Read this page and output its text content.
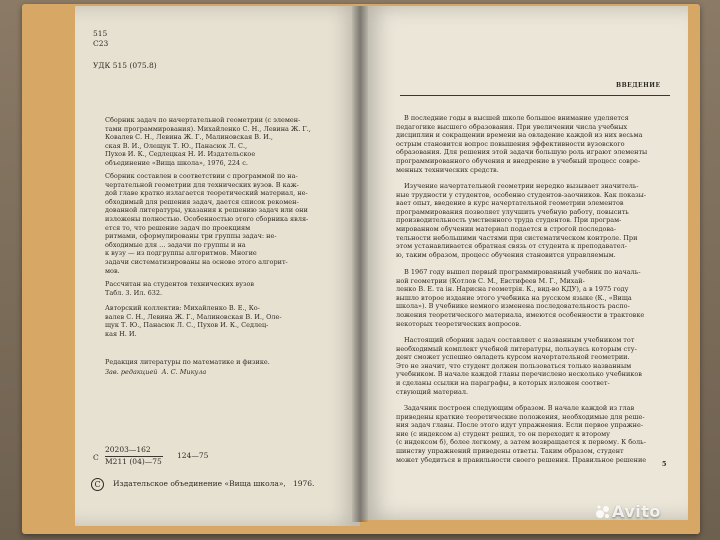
515
С23
УДК 515 (075.8)
Сборник задач по начертательной геометрии (с элемен-
тами программирования). Михайленко С. Н., Левина Ж. Г.,
Ковалев С. Н., Левина Ж. Г., Малиновская В. И.,
ская В. И., Олещук Т. Ю., Панасюк Л. С.,
Пухов И. К., Седлецкая Н. И. Издательское
объединение «Вища школа», 1976, 224 с.
Сборник составлен в соответствии с программой по на-
чертательной геометрии для технических вузов. В каж-
дой главе кратко излагается теоретический материал, не-
обходимый для решения задач, дается список рекомен-
дованной литературы, указания к решению задач или они
изложены полностью. Особенностью этого сборника явля-
ется то, что решение задач по проекциям
ритмами, сформулированы три группы задач: не-
обходимые для ... задачи по группы и на
к вузу — из подгруппы алгоритмов. Многие
задачи систематизированы на основе этого алгорит-
мов.
Рассчитан на студентов технических вузов
Табл. 3. Ил. 632.
Авторский коллектив: Михайленко В. Е., Ко-
валев С. Н., Левина Ж. Г., Малиновская В. И., Оле-
щук Т. Ю., Панасюк Л. С., Пухов И. К., Седлец-
кая Н. И.
Редакция литературы по математике и физике.
Зав. редакцией  А. С. Микула
С
20203—162
М211 (04)—75
124—75
C	Издательское объединение «Вища школа»,   1976.
ВВЕДЕНИЕ
В последние годы в высшей школе большое внимание уделяется
педагогике высшего образования. При увеличении числа учебных
дисциплин и сокращении времени на овладение каждой из них весьма
острым становится вопрос повышения эффективности вузовского
образования. Для решения этой задачи большую роль играют элементы
программированного обучения и внедрение в учебный процесс совре-
менных технических средств.
Изучение начертательной геометрии нередко вызывает значитель-
ные трудности у студентов, особенно студентов-заочников. Как показы-
вает опыт, введение в курс начертательной геометрии элементов
программирования позволяет улучшить учебную работу, повысить
производительность умственного труда студентов. При програм-
мированном обучении материал подается в строгой последова-
тельности небольшими частями при систематическом контроле. При
этом устанавливается обратная связь от студента к преподавател-
ю, таким образом, процесс обучения становится управляемым.
В 1967 году вышел первый программированный учебник по началь-
ной геометрии (Котлов С. М., Евстифеев М. Г., Михай-
ленко В. Е. та ін. Нарисна геометрія. К., вид-во КДУ), а в 1975 году
вышло второе издание этого учебника на русском языке (К., «Вища
школа»). В учебнике немного изменена последовательность распо-
ложения теоретического материала, имеются особенности в трактовке
некоторых теоретических вопросов.
Настоящий сборник задач составляет с названным учебником тот
необходимый комплект учебной литературы, пользуясь которым сту-
дент сможет успешно овладеть курсом начертательной геометрии.
Это не значит, что студент должен пользоваться только названным
учебником. В начале каждой главы перечислено несколько учебников
и сделаны ссылки на параграфы, в которых изложен соответ-
ствующий материал.
Задачник построен следующим образом. В начале каждой из глав
приведены краткие теоретические положения, необходимые для реше-
ния задач главы. После этого идут упражнения. Если первое упражне-
ние (с индексом а) студент решил, то он переходит к второму
(с индексом б), более легкому, а затем возвращается к первому. К боль-
шинству упражнений приведены ответы. Таким образом, студент
может убедиться в правильности своего решения. Правильное решение
5
Avito
